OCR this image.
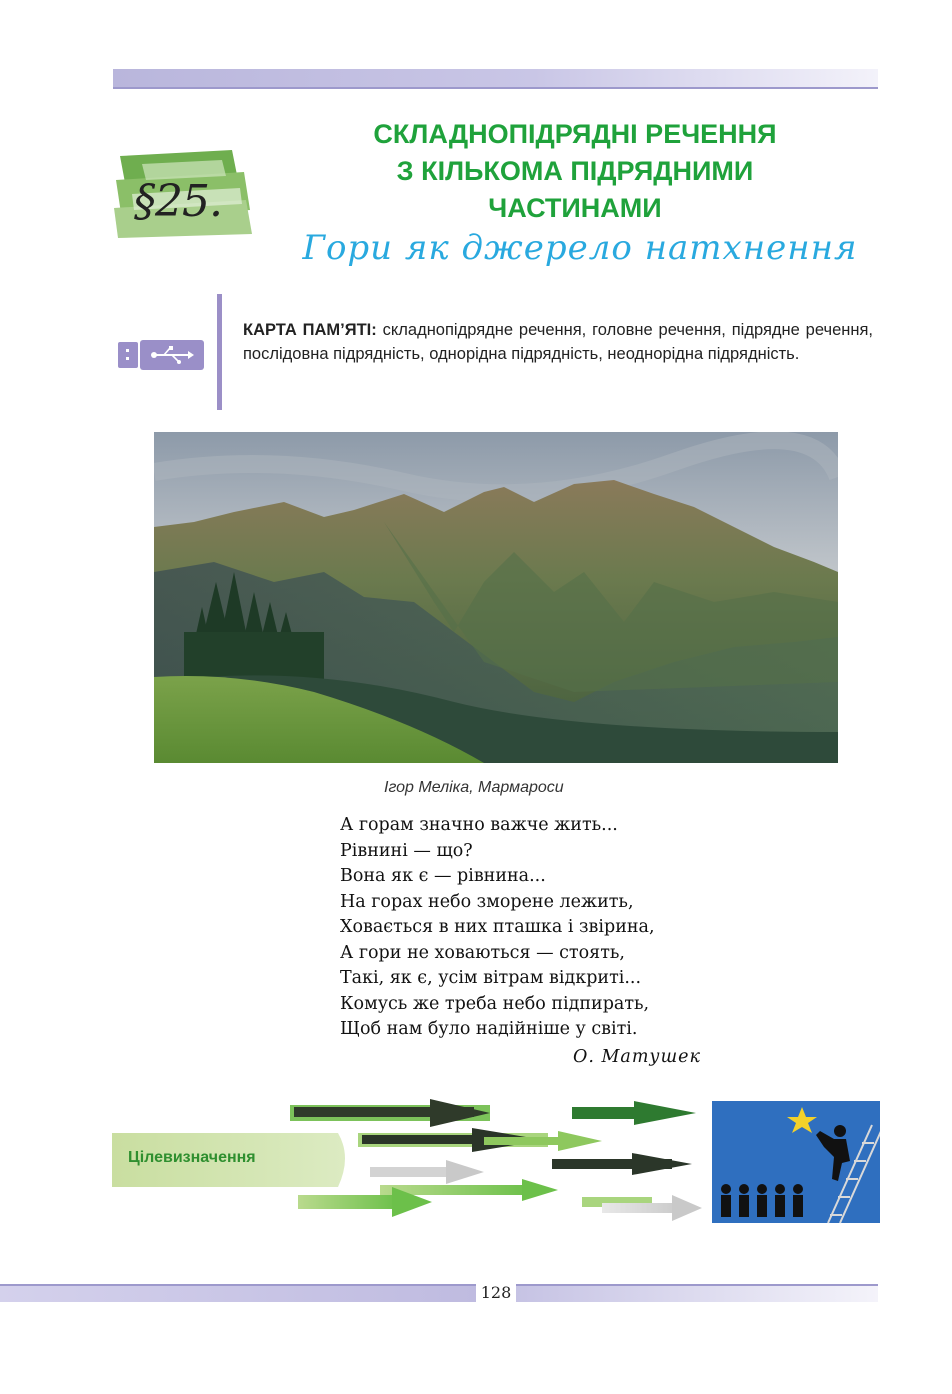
§25.
СКЛАДНОПІДРЯДНІ РЕЧЕННЯ
З КІЛЬКОМА ПІДРЯДНИМИ
ЧАСТИНАМИ
Гори як джерело натхнення
КАРТА ПАМ’ЯТІ: складнопідрядне речення, головне речення, підрядне речення, послідовна підрядність, однорідна підрядність, неоднорідна підрядність.
Ігор Меліка, Мармароси
А горам значно важче жить...
Рівнині — що?
Вона як є — рівнина...
На горах небо зморене лежить,
Ховається в них пташка і звірина,
А гори не ховаються — стоять,
Такі, як є, усім вітрам відкриті...
Комусь же треба небо підпирать,
Щоб нам було надійніше у світі.
О. Матушек
Цілевизначення
128
